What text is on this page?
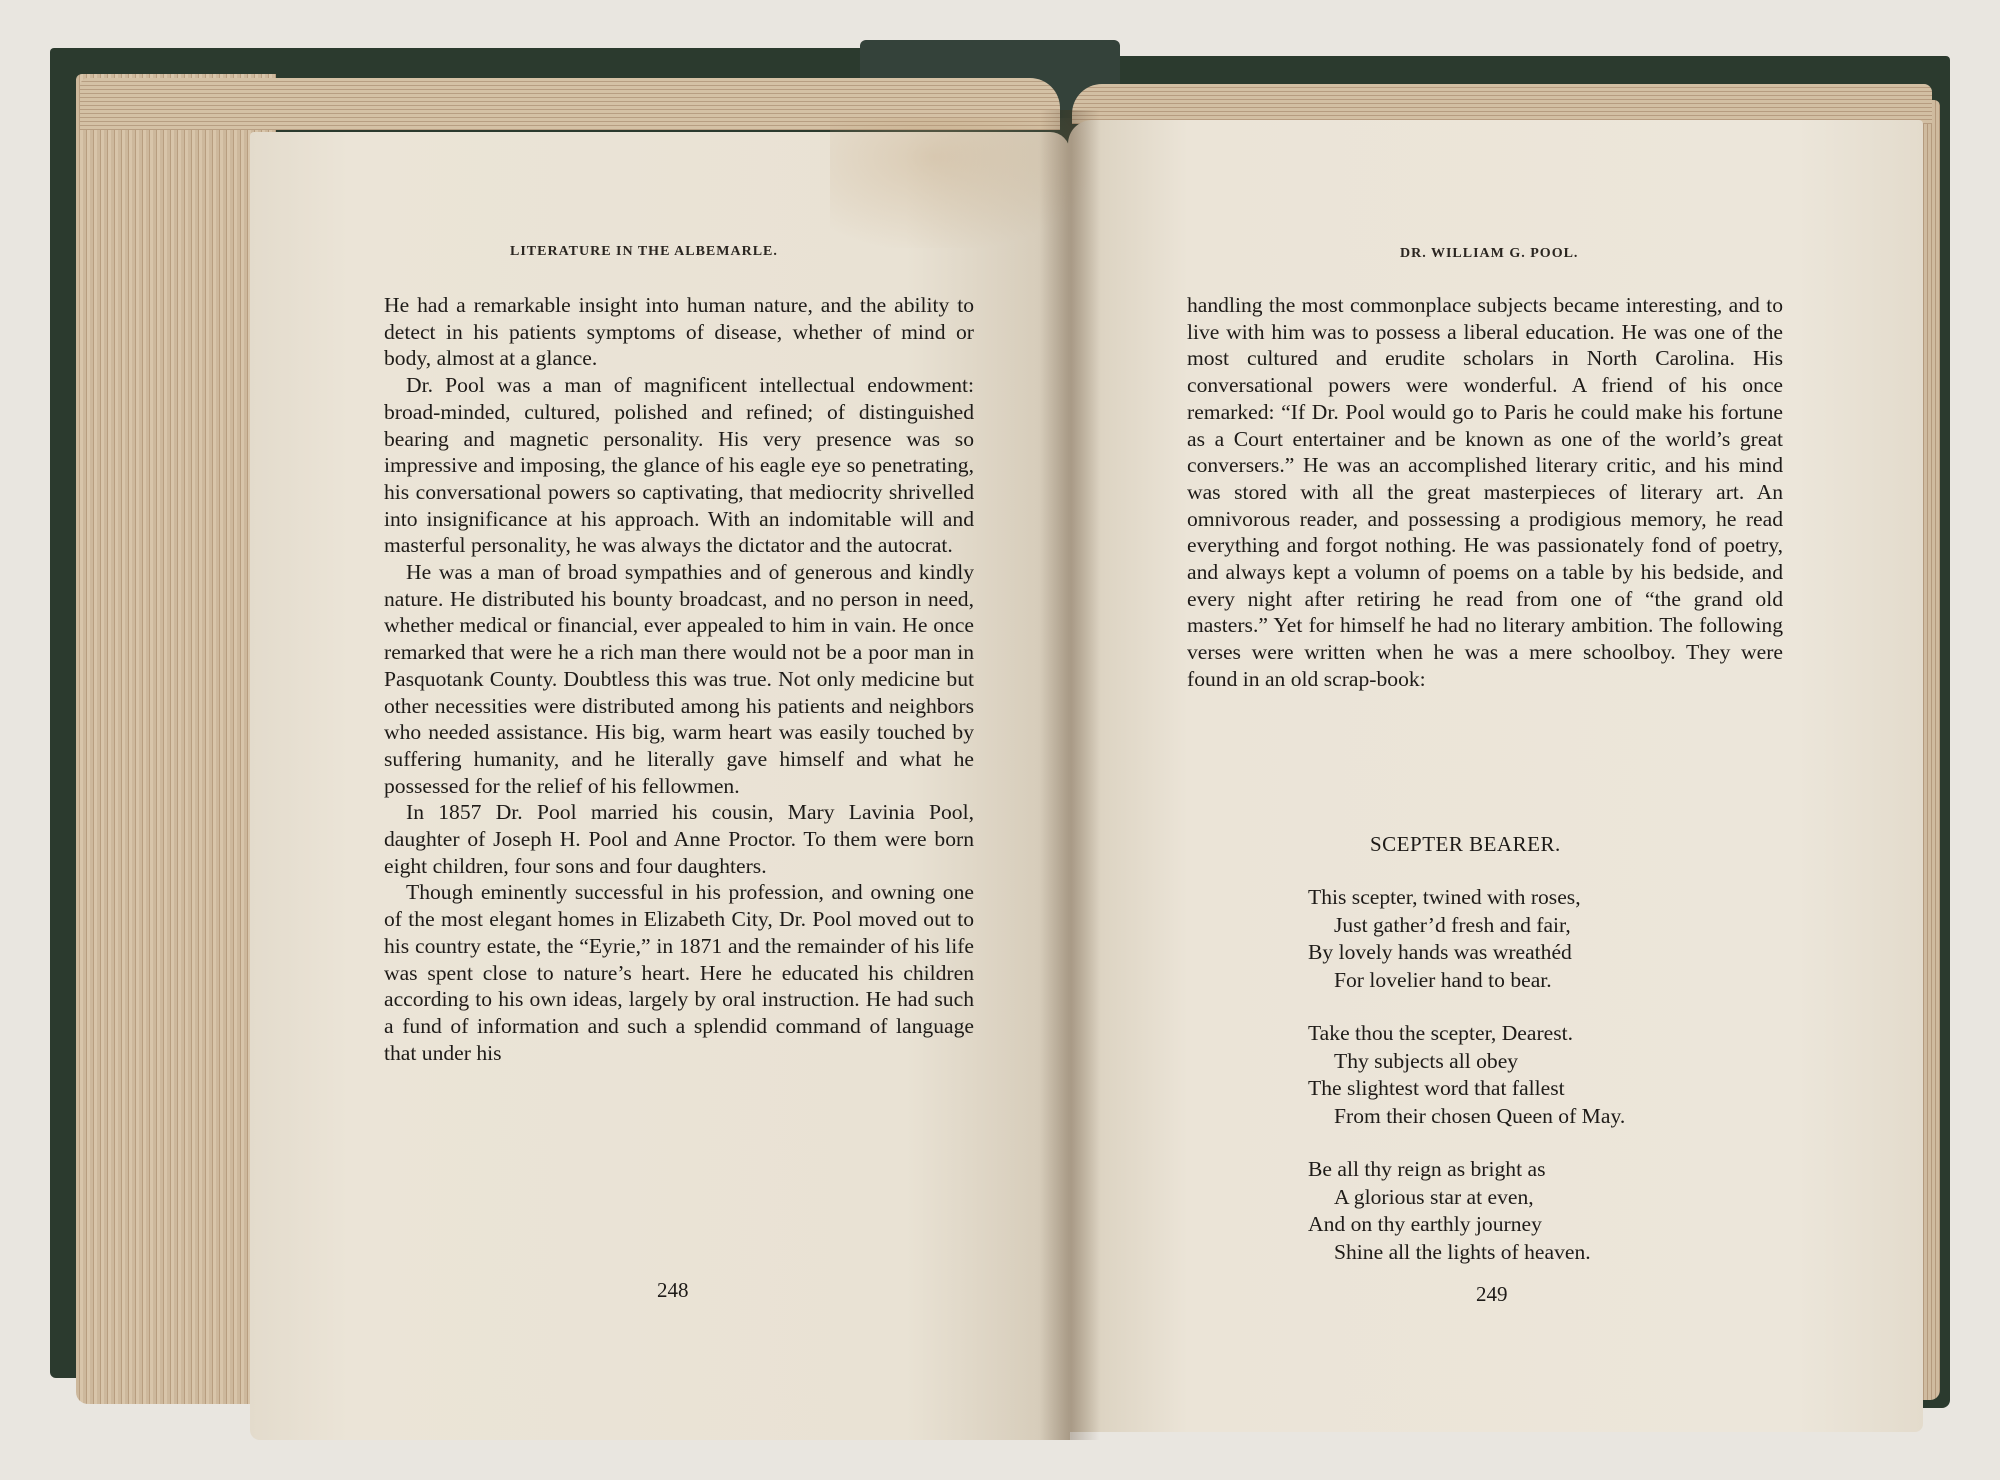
LITERATURE IN THE ALBEMARLE.	DR. WILLIAM G. POOL.

He had a remarkable insight into human nature, and the ability to detect in his patients symptoms of disease, whether of mind or body, almost at a glance.

Dr. Pool was a man of magnificent intellectual endowment: broad-minded, cultured, polished and refined; of distinguished bearing and magnetic personality. His very presence was so impressive and imposing, the glance of his eagle eye so penetrating, his conversational powers so captivating, that mediocrity shrivelled into insignificance at his approach. With an indomitable will and masterful personality, he was always the dictator and the autocrat.

He was a man of broad sympathies and of generous and kindly nature. He distributed his bounty broadcast, and no person in need, whether medical or financial, ever appealed to him in vain. He once remarked that were he a rich man there would not be a poor man in Pasquotank County. Doubtless this was true. Not only medicine but other necessities were distributed among his patients and neighbors who needed assistance. His big, warm heart was easily touched by suffering humanity, and he literally gave himself and what he possessed for the relief of his fellowmen.

In 1857 Dr. Pool married his cousin, Mary Lavinia Pool, daughter of Joseph H. Pool and Anne Proctor. To them were born eight children, four sons and four daughters.

Though eminently successful in his profession, and owning one of the most elegant homes in Elizabeth City, Dr. Pool moved out to his country estate, the “Eyrie,” in 1871 and the remainder of his life was spent close to nature’s heart. Here he educated his children according to his own ideas, largely by oral instruction. He had such a fund of information and such a splendid command of language that under his

handling the most commonplace subjects became interesting, and to live with him was to possess a liberal education. He was one of the most cultured and erudite scholars in North Carolina. His conversational powers were wonderful. A friend of his once remarked: “If Dr. Pool would go to Paris he could make his fortune as a Court entertainer and be known as one of the world’s great conversers.” He was an accomplished literary critic, and his mind was stored with all the great masterpieces of literary art. An omnivorous reader, and possessing a prodigious memory, he read everything and forgot nothing. He was passionately fond of poetry, and always kept a volumn of poems on a table by his bedside, and every night after retiring he read from one of “the grand old masters.” Yet for himself he had no literary ambition. The following verses were written when he was a mere schoolboy. They were found in an old scrap-book:

SCEPTER BEARER.
This scepter, twined with roses,
Just gather’d fresh and fair,
By lovely hands was wreathéd
For lovelier hand to bear.
Take thou the scepter, Dearest.
Thy subjects all obey
The slightest word that fallest
From their chosen Queen of May.
Be all thy reign as bright as
A glorious star at even,
And on thy earthly journey
Shine all the lights of heaven.
248	249
